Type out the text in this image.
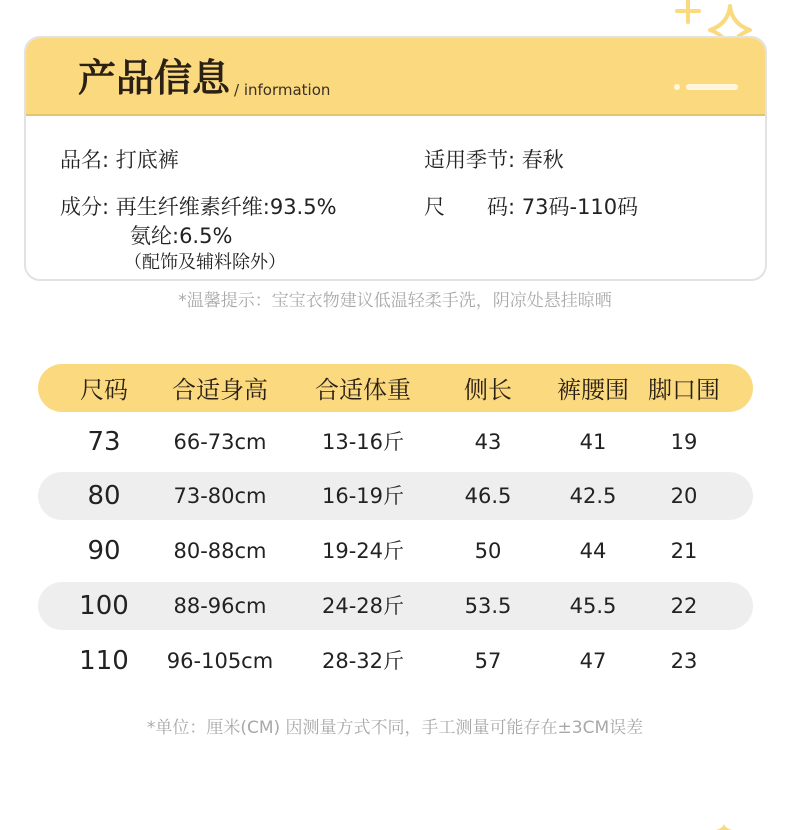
产品信息 / information
品名: 打底裤	适用季节: 春秋
成分: 再生纤维素纤维:93.5%
氨纶:6.5%
（配饰及辅料除外）
尺　　码: 73码-110码
*温馨提示：宝宝衣物建议低温轻柔手洗，阴凉处悬挂晾晒
尺码	合适身高	合适体重	侧长	裤腰围 脚口围
73	66-73cm	13-16斤	43	41	19
80	73-80cm	16-19斤	46.5	42.5	20
90	80-88cm	19-24斤	50	44	21
100	88-96cm	24-28斤	53.5	45.5	22
110	96-105cm	28-32斤	57	47	23
*单位：厘米(CM) 因测量方式不同，手工测量可能存在±3CM误差
